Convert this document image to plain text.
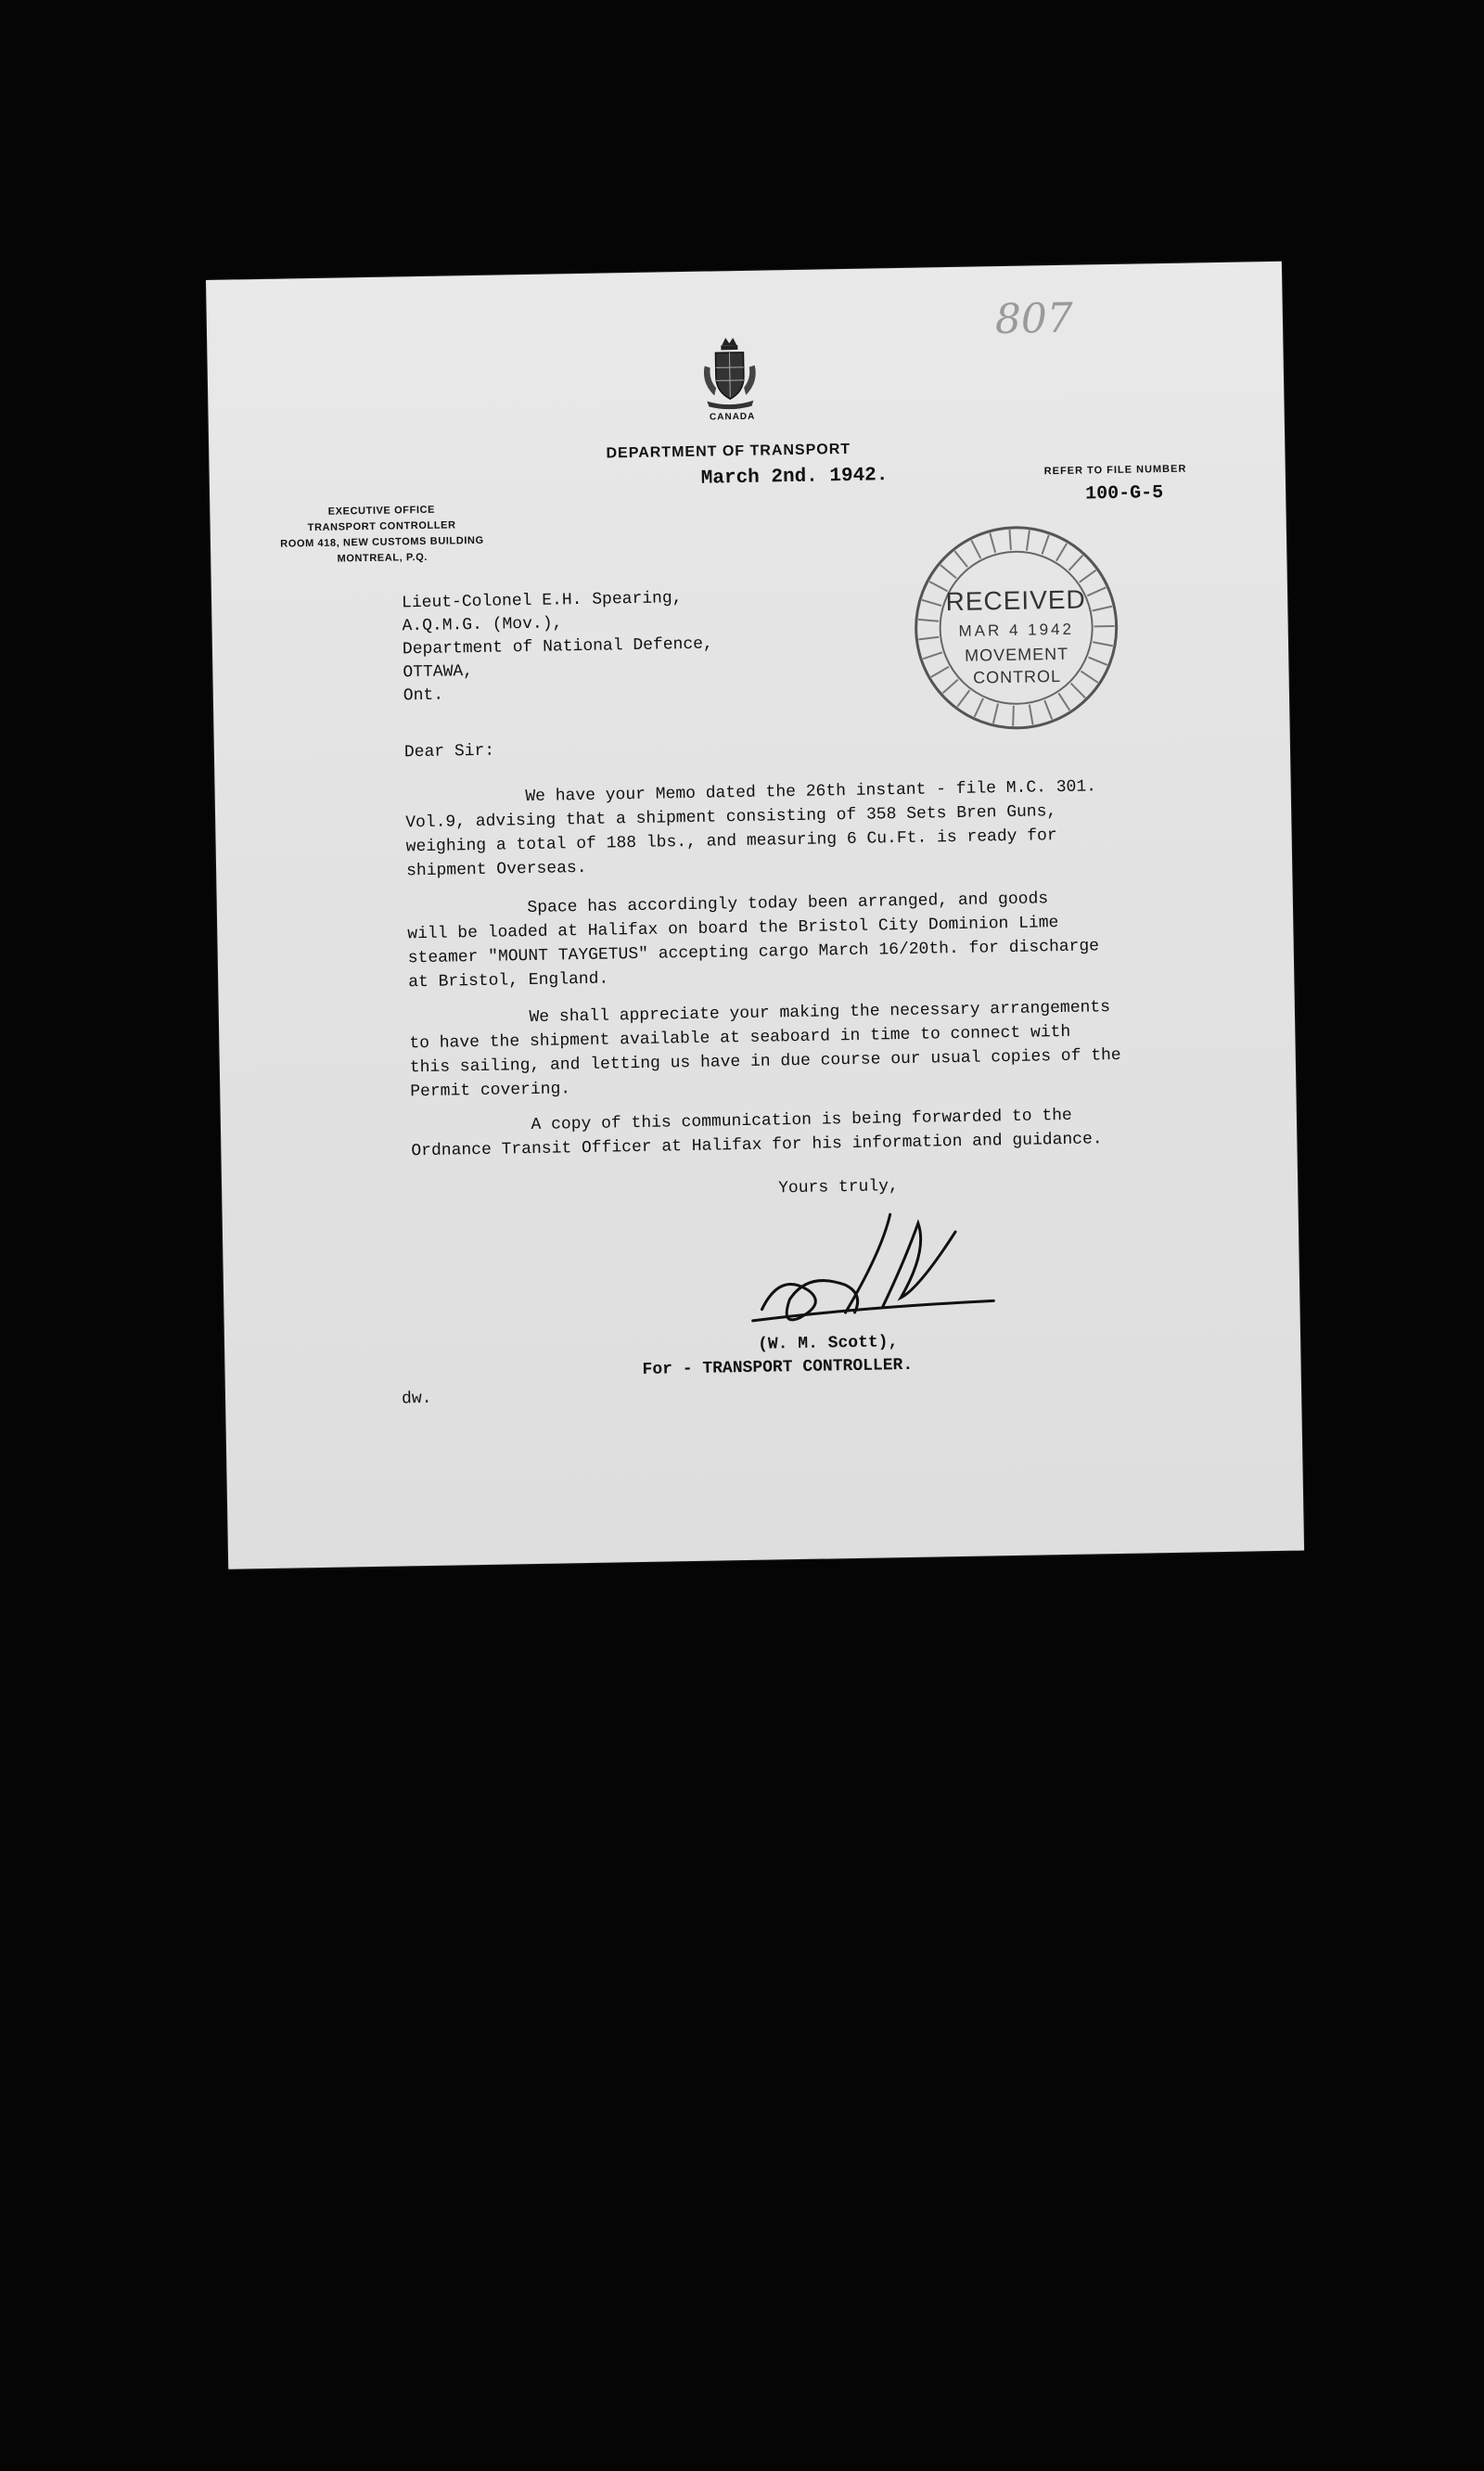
807
CANADA
DEPARTMENT OF TRANSPORT
March 2nd. 1942.	REFER TO FILE NUMBER
100-G-5
EXECUTIVE OFFICE
TRANSPORT CONTROLLER
ROOM 418, NEW CUSTOMS BUILDING
MONTREAL, P.Q.
RECEIVED
MAR 4 1942
MOVEMENT
CONTROL
Lieut-Colonel E.H. Spearing,
A.Q.M.G. (Mov.),
Department of National Defence,
OTTAWA,
Ont.
Dear Sir:
We have your Memo dated the 26th instant - file M.C. 301.
Vol.9, advising that a shipment consisting of 358 Sets Bren Guns,
weighing a total of 188 lbs., and measuring 6 Cu.Ft. is ready for
shipment Overseas.
Space has accordingly today been arranged, and goods
will be loaded at Halifax on board the Bristol City Dominion Lime
steamer "MOUNT TAYGETUS" accepting cargo March 16/20th. for discharge
at Bristol, England.
We shall appreciate your making the necessary arrangements
to have the shipment available at seaboard in time to connect with
this sailing, and letting us have in due course our usual copies of the
Permit covering.
A copy of this communication is being forwarded to the
Ordnance Transit Officer at Halifax for his information and guidance.
Yours truly,
(W. M. Scott),
For - TRANSPORT CONTROLLER.
dw.
